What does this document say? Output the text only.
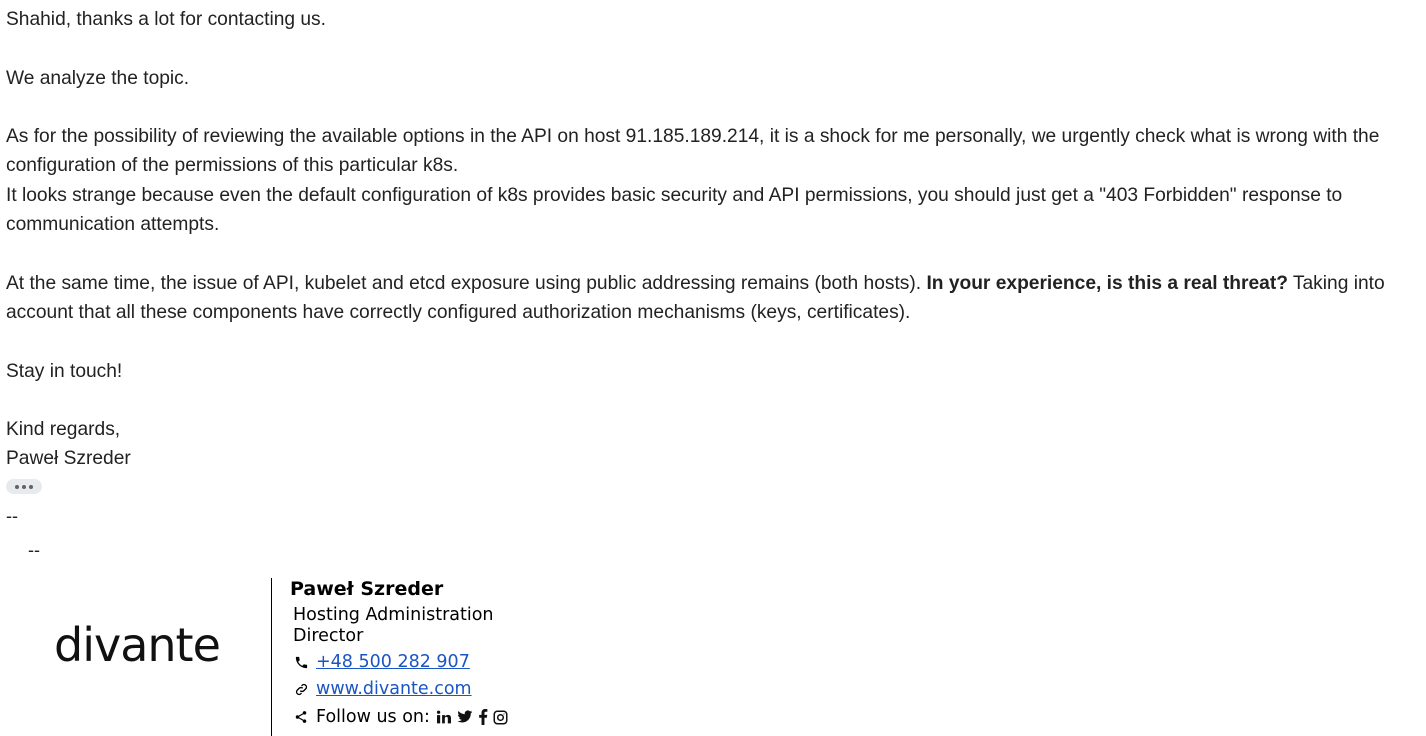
Shahid, thanks a lot for contacting us.

We analyze the topic.

As for the possibility of reviewing the available options in the API on host 91.185.189.214, it is a shock for me personally, we urgently check what is wrong with the configuration of the permissions of this particular k8s.

It looks strange because even the default configuration of k8s provides basic security and API permissions, you should just get a "403 Forbidden" response to communication attempts.

At the same time, the issue of API, kubelet and etcd exposure using public addressing remains (both hosts). In your experience, is this a real threat? Taking into account that all these components have correctly configured authorization mechanisms (keys, certificates).

Stay in touch!

Kind regards,

Paweł Szreder

--
--
divante
Paweł Szreder
Hosting Administration Director
+48 500 282 907
www.divante.com
Follow us on:
